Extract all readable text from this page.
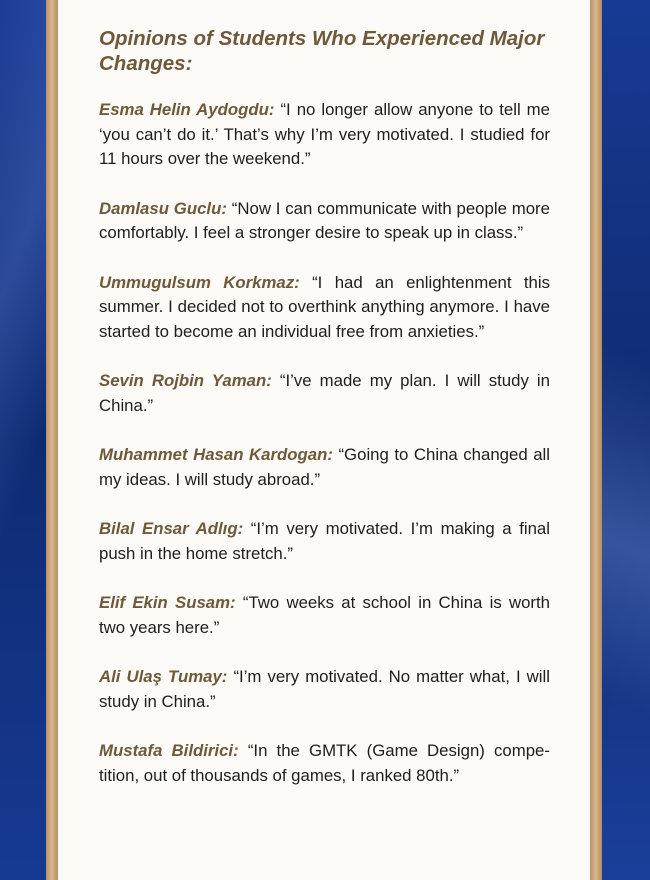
Opinions of Students Who Experienced Major Changes:

Esma Helin Aydogdu: “I no longer allow anyone to tell me ‘you can’t do it.’ That’s why I’m very motivated. I studied for 11 hours over the weekend.”

Damlasu Guclu: “Now I can communicate with people more comfortably. I feel a stronger desire to speak up in class.”

Ummugulsum Korkmaz: “I had an enlightenment this summer. I decided not to overthink anything anymore. I have started to become an individual free from anxieties.”

Sevin Rojbin Yaman: “I’ve made my plan. I will study in China.”

Muhammet Hasan Kardogan: “Going to China changed all my ideas. I will study abroad.”

Bilal Ensar Adlıg: “I’m very motivated. I’m making a final push in the home stretch.”

Elif Ekin Susam: “Two weeks at school in China is worth two years here.”

Ali Ulaş Tumay: “I’m very motivated. No matter what, I will study in China.”

Mustafa Bildirici: “In the GMTK (Game Design) competition, out of thousands of games, I ranked 80th.”
